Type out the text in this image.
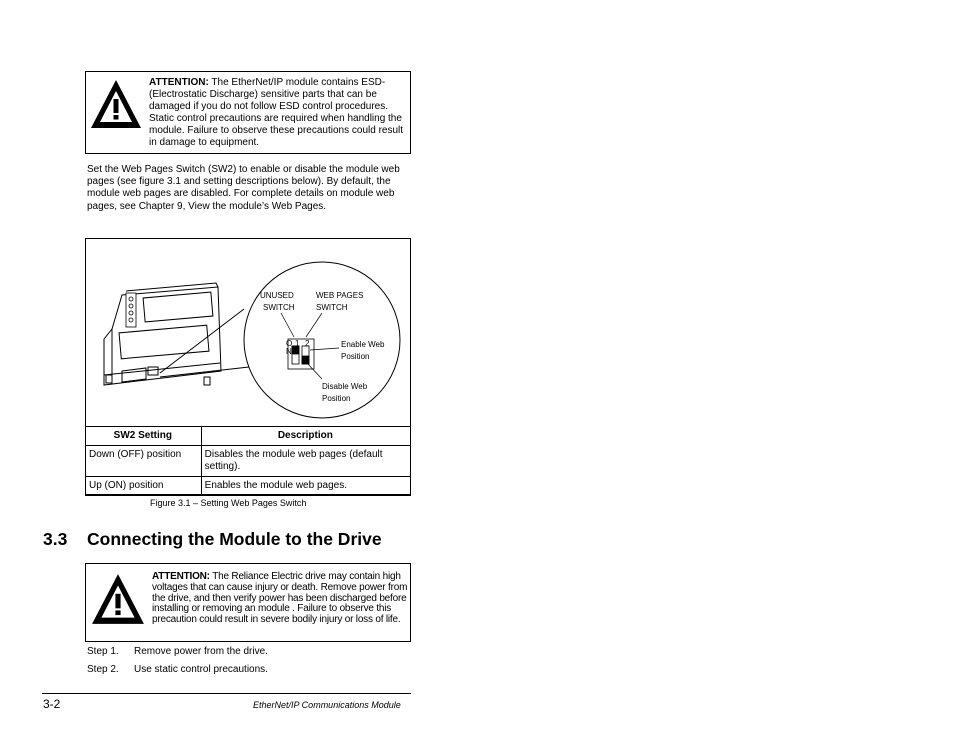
ATTENTION: The EtherNet/IP module contains ESD- (Electrostatic Discharge) sensitive parts that can be damaged if you do not follow ESD control procedures. Static control precautions are required when handling the module. Failure to observe these precautions could result in damage to equipment.
Set the Web Pages Switch (SW2) to enable or disable the module web pages (see figure 3.1 and setting descriptions below). By default, the module web pages are disabled. For complete details on module web pages, see Chapter 9, View the module’s Web Pages.
O
N
1 2
UNUSED
SWITCH
WEB PAGES
SWITCH
Enable Web
Position
Disable Web
Position
SW2 Setting	Description
Down (OFF) position	Disables the module web pages (default setting).
Up (ON) position	Enables the module web pages.
Figure 3.1 – Setting Web Pages Switch
3.3 Connecting the Module to the Drive
ATTENTION: The Reliance Electric drive may contain high voltages that can cause injury or death. Remove power from the drive, and then verify power has been discharged before installing or removing an module . Failure to observe this precaution could result in severe bodily injury or loss of life.
Step 1. Remove power from the drive.
Step 2. Use static control precautions.
3-2	EtherNet/IP Communications Module
